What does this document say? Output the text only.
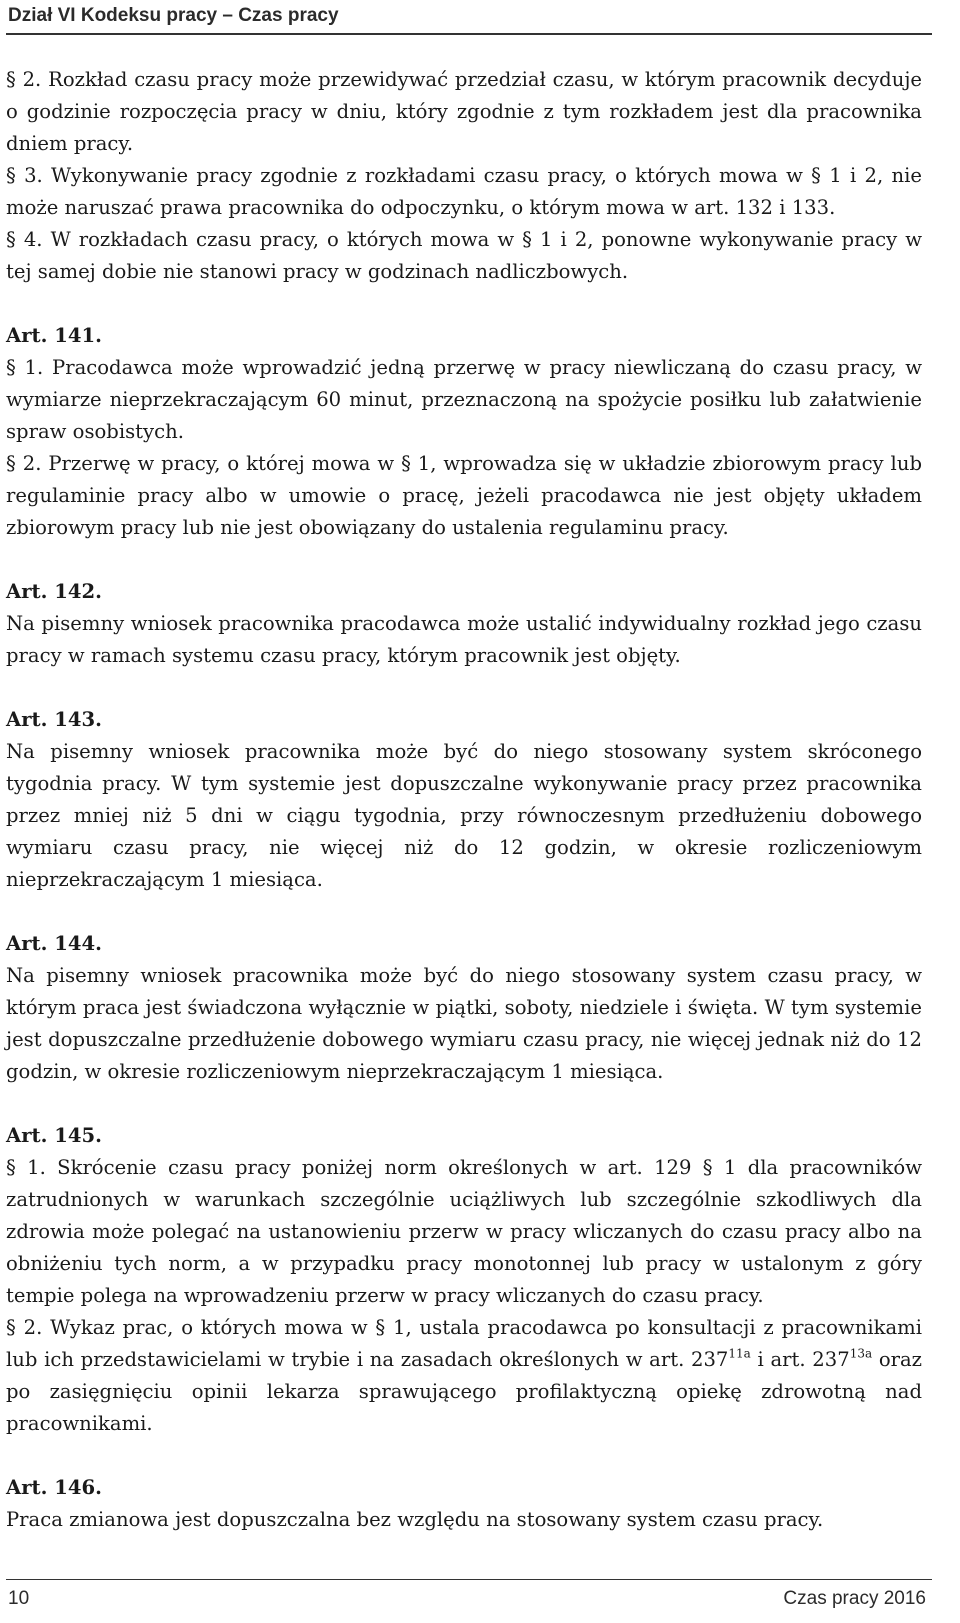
Dział VI Kodeksu pracy – Czas pracy

§ 2. Rozkład czasu pracy może przewidywać przedział czasu, w którym pracownik decyduje o godzinie rozpoczęcia pracy w dniu, który zgodnie z tym rozkładem jest dla pracownika dniem pracy.

§ 3. Wykonywanie pracy zgodnie z rozkładami czasu pracy, o których mowa w § 1 i 2, nie może naruszać prawa pracownika do odpoczynku, o którym mowa w art. 132 i 133.

§ 4. W rozkładach czasu pracy, o których mowa w § 1 i 2, ponowne wykonywanie pracy w tej samej dobie nie stanowi pracy w godzinach nadliczbowych.

Art. 141.

§ 1. Pracodawca może wprowadzić jedną przerwę w pracy niewliczaną do czasu pracy, w wymiarze nieprzekraczającym 60 minut, przeznaczoną na spożycie posiłku lub załatwienie spraw osobistych.

§ 2. Przerwę w pracy, o której mowa w § 1, wprowadza się w układzie zbiorowym pracy lub regulaminie pracy albo w umowie o pracę, jeżeli pracodawca nie jest objęty układem zbiorowym pracy lub nie jest obowiązany do ustalenia regulaminu pracy.

Art. 142.

Na pisemny wniosek pracownika pracodawca może ustalić indywidualny rozkład jego czasu pracy w ramach systemu czasu pracy, którym pracownik jest objęty.

Art. 143.

Na pisemny wniosek pracownika może być do niego stosowany system skróconego tygodnia pracy. W tym systemie jest dopuszczalne wykonywanie pracy przez pracownika przez mniej niż 5 dni w ciągu tygodnia, przy równoczesnym przedłużeniu dobowego wymiaru czasu pracy, nie więcej niż do 12 godzin, w okresie rozliczeniowym nieprzekraczającym 1 miesiąca.

Art. 144.

Na pisemny wniosek pracownika może być do niego stosowany system czasu pracy, w którym praca jest świadczona wyłącznie w piątki, soboty, niedziele i święta. W tym systemie jest dopuszczalne przedłużenie dobowego wymiaru czasu pracy, nie więcej jednak niż do 12 godzin, w okresie rozliczeniowym nieprzekraczającym 1 miesiąca.

Art. 145.

§ 1. Skrócenie czasu pracy poniżej norm określonych w art. 129 § 1 dla pracowników zatrudnionych w warunkach szczególnie uciążliwych lub szczególnie szkodliwych dla zdrowia może polegać na ustanowieniu przerw w pracy wliczanych do czasu pracy albo na obniżeniu tych norm, a w przypadku pracy monotonnej lub pracy w ustalonym z góry tempie polega na wprowadzeniu przerw w pracy wliczanych do czasu pracy.

§ 2. Wykaz prac, o których mowa w § 1, ustala pracodawca po konsultacji z pracownikami lub ich przedstawicielami w trybie i na zasadach określonych w art. $237^{11a}$ i art. $237^{13a}$ oraz po zasięgnięciu opinii lekarza sprawującego profilaktyczną opiekę zdrowotną nad pracownikami.

Art. 146.

Praca zmianowa jest dopuszczalna bez względu na stosowany system czasu pracy.

10	Czas pracy 2016
